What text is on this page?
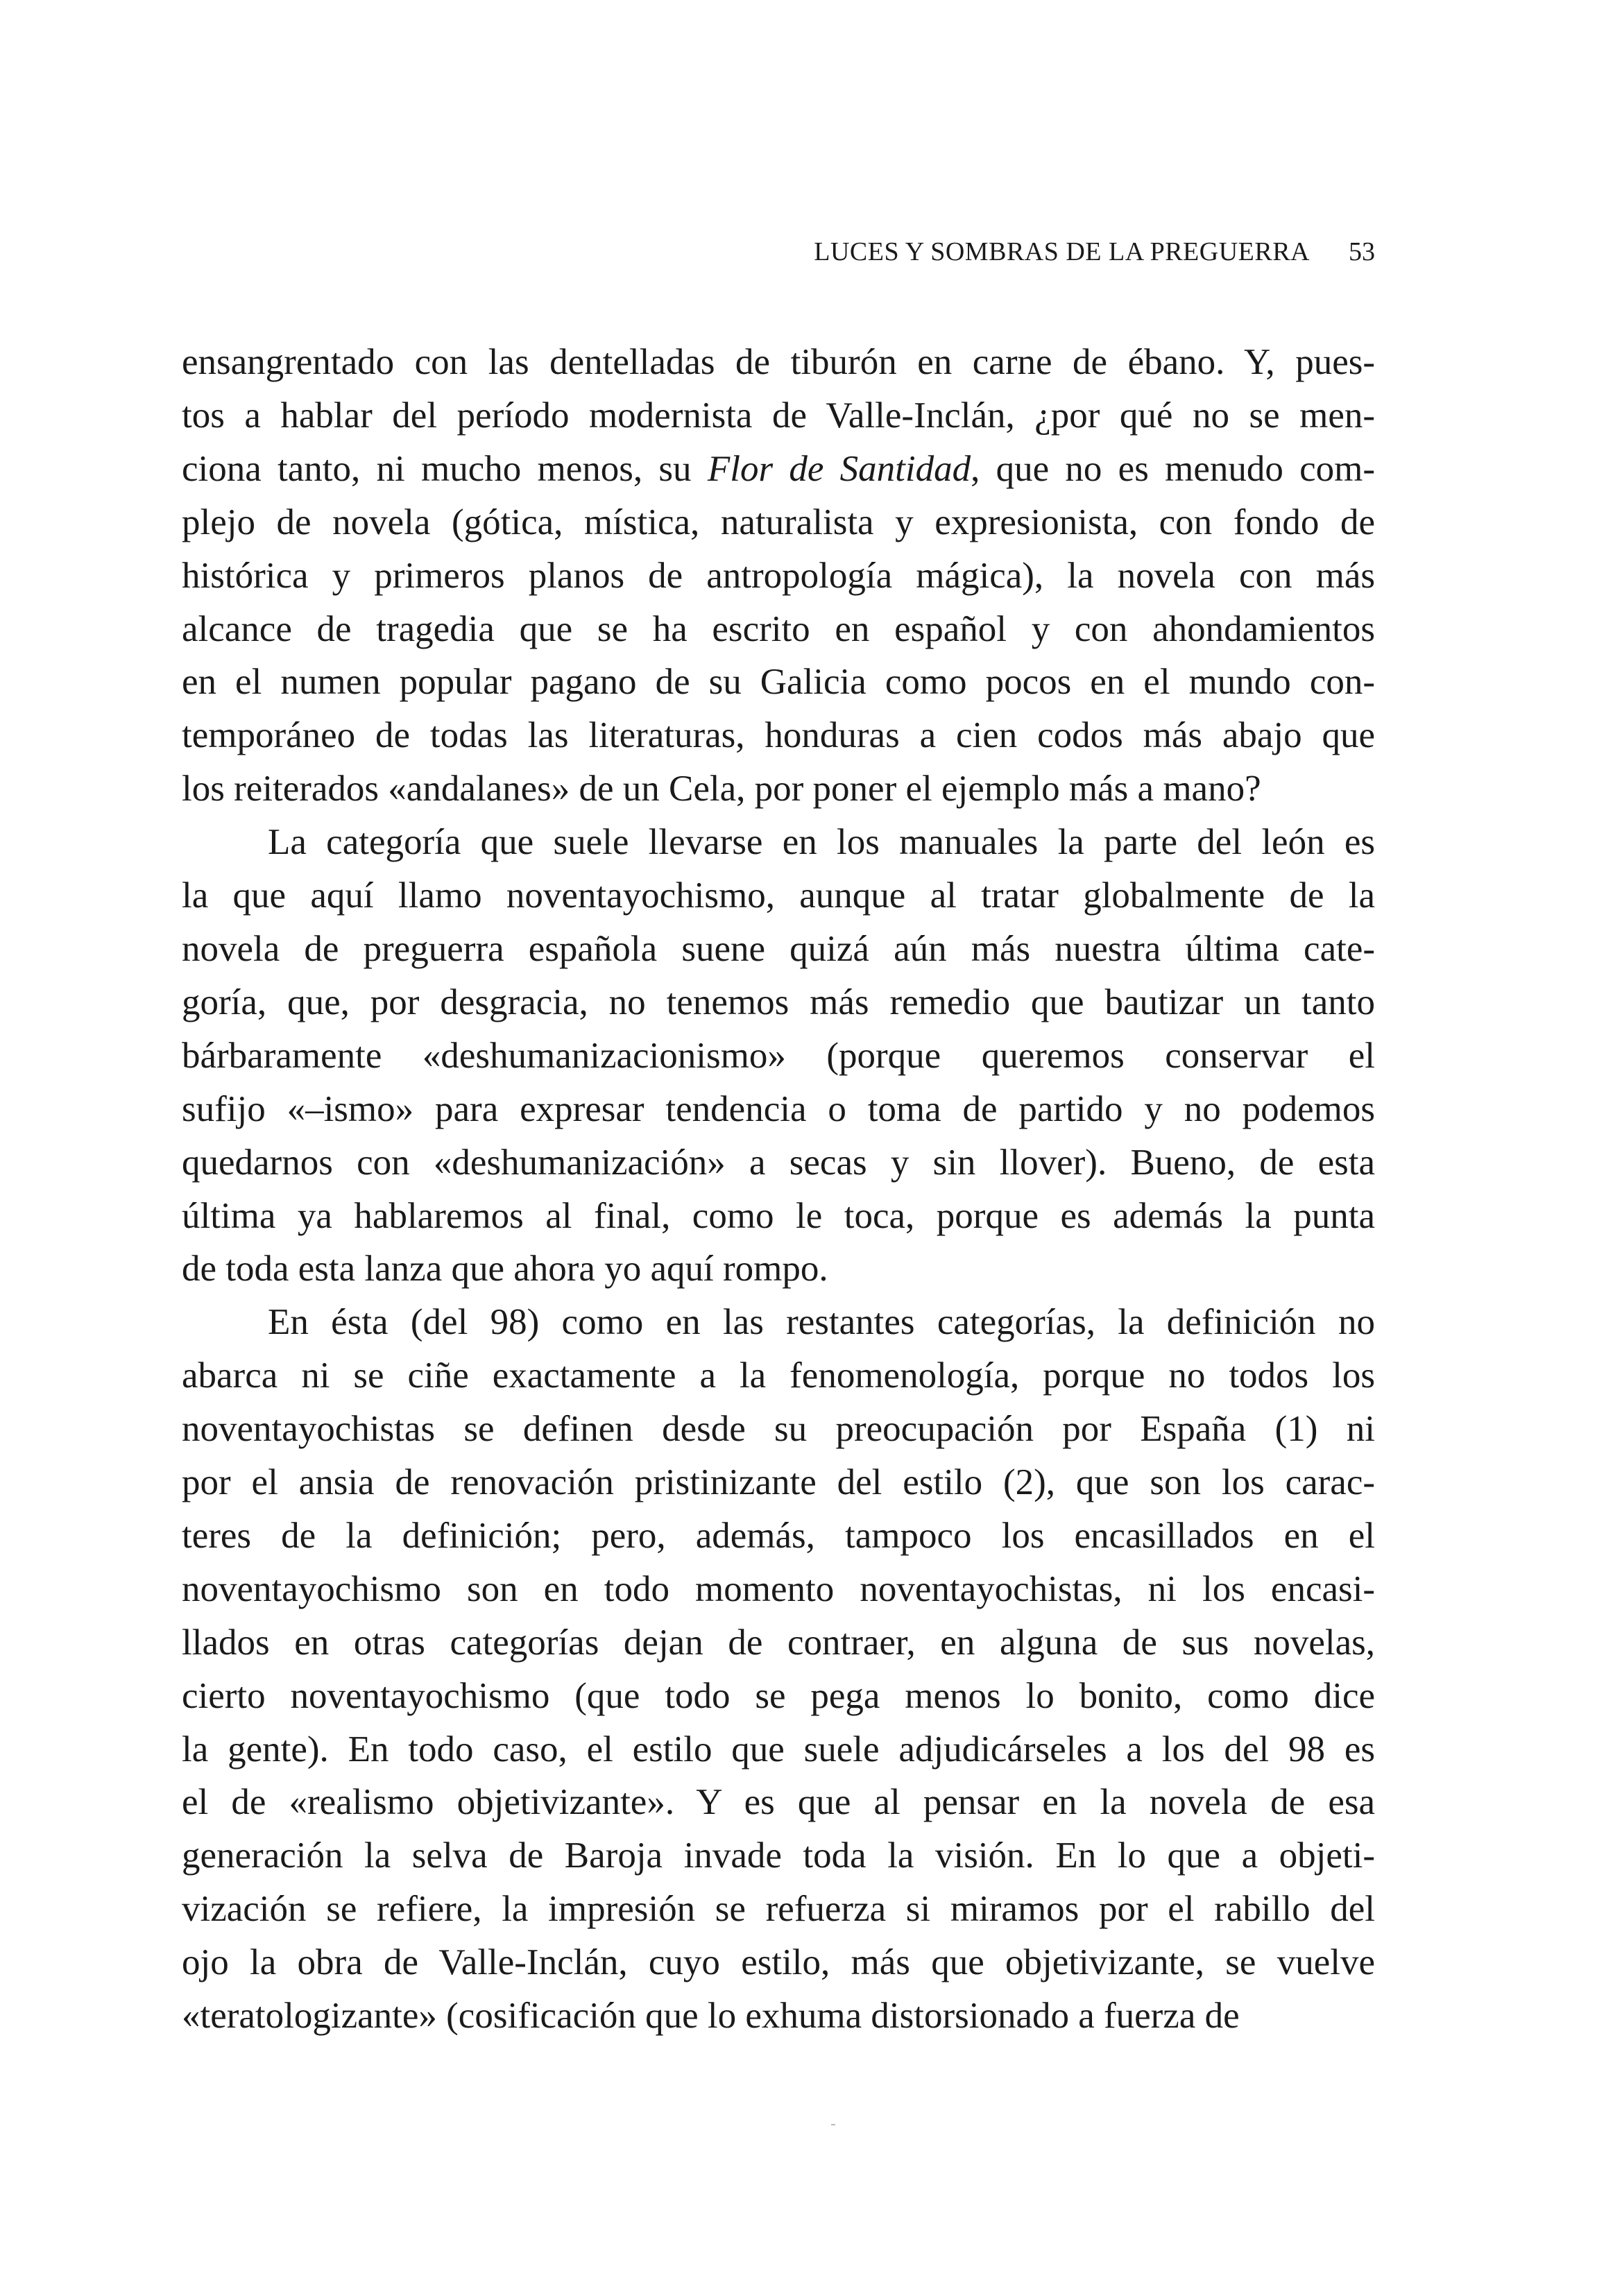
LUCES Y SOMBRAS DE LA PREGUERRA 53

ensangrentado con las dentelladas de tiburón en carne de ébano. Y, pues-
tos a hablar del período modernista de Valle-Inclán, ¿por qué no se men-
ciona tanto, ni mucho menos, su Flor de Santidad, que no es menudo com-
plejo de novela (gótica, mística, naturalista y expresionista, con fondo de
histórica y primeros planos de antropología mágica), la novela con más
alcance de tragedia que se ha escrito en español y con ahondamientos
en el numen popular pagano de su Galicia como pocos en el mundo con-
temporáneo de todas las literaturas, honduras a cien codos más abajo que
los reiterados «andalanes» de un Cela, por poner el ejemplo más a mano?

La categoría que suele llevarse en los manuales la parte del león es
la que aquí llamo noventayochismo, aunque al tratar globalmente de la
novela de preguerra española suene quizá aún más nuestra última cate-
goría, que, por desgracia, no tenemos más remedio que bautizar un tanto
bárbaramente «deshumanizacionismo» (porque queremos conservar el
sufijo «–ismo» para expresar tendencia o toma de partido y no podemos
quedarnos con «deshumanización» a secas y sin llover). Bueno, de esta
última ya hablaremos al final, como le toca, porque es además la punta
de toda esta lanza que ahora yo aquí rompo.

En ésta (del 98) como en las restantes categorías, la definición no
abarca ni se ciñe exactamente a la fenomenología, porque no todos los
noventayochistas se definen desde su preocupación por España (1) ni
por el ansia de renovación pristinizante del estilo (2), que son los carac-
teres de la definición; pero, además, tampoco los encasillados en el
noventayochismo son en todo momento noventayochistas, ni los encasi-
llados en otras categorías dejan de contraer, en alguna de sus novelas,
cierto noventayochismo (que todo se pega menos lo bonito, como dice
la gente). En todo caso, el estilo que suele adjudicárseles a los del 98 es
el de «realismo objetivizante». Y es que al pensar en la novela de esa
generación la selva de Baroja invade toda la visión. En lo que a objeti-
vización se refiere, la impresión se refuerza si miramos por el rabillo del
ojo la obra de Valle-Inclán, cuyo estilo, más que objetivizante, se vuelve
«teratologizante» (cosificación que lo exhuma distorsionado a fuerza de
